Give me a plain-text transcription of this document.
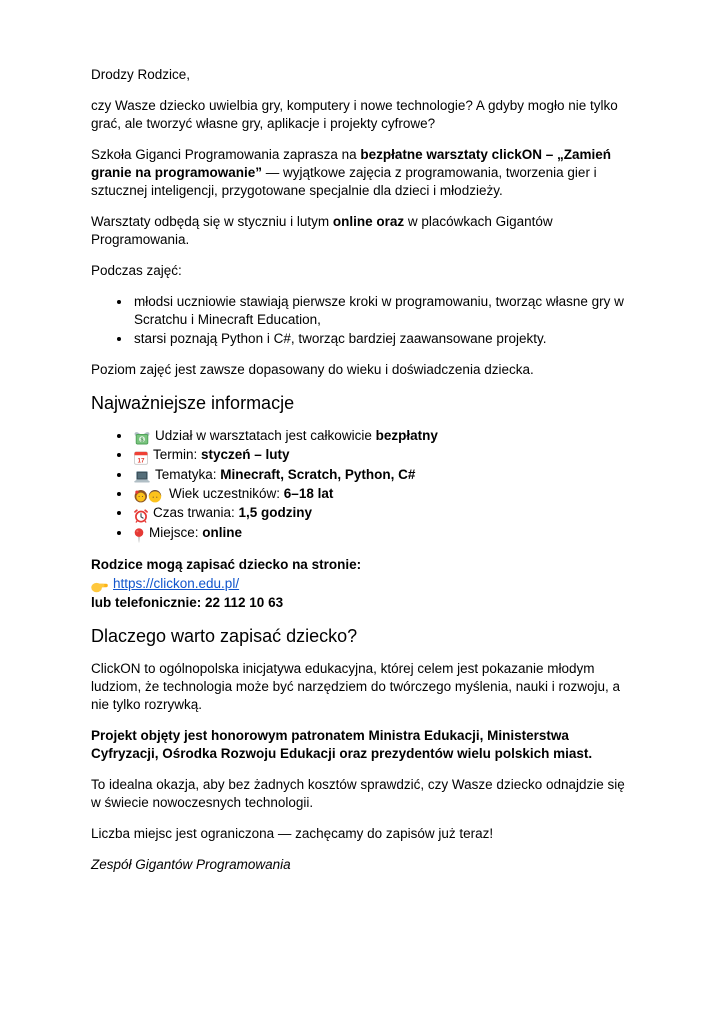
Drodzy Rodzice,

czy Wasze dziecko uwielbia gry, komputery i nowe technologie? A gdyby mogło nie tylko grać, ale tworzyć własne gry, aplikacje i projekty cyfrowe?

Szkoła Giganci Programowania zaprasza na bezpłatne warsztaty clickON – „Zamień granie na programowanie” — wyjątkowe zajęcia z programowania, tworzenia gier i sztucznej inteligencji, przygotowane specjalnie dla dzieci i młodzieży.

Warsztaty odbędą się w styczniu i lutym online oraz w placówkach Gigantów Programowania.

Podczas zajęć:

• młodsi uczniowie stawiają pierwsze kroki w programowaniu, tworząc własne gry w Scratchu i Minecraft Education,
• starsi poznają Python i C#, tworząc bardziej zaawansowane projekty.

Poziom zajęć jest zawsze dopasowany do wieku i doświadczenia dziecka.

Najważniejsze informacje
• $ Udział w warsztatach jest całkowicie bezpłatny
• 17 Termin: styczeń – luty
• Tematyka: Minecraft, Scratch, Python, C#
• Wiek uczestników: 6–18 lat
• Czas trwania: 1,5 godziny
• Miejsce: online

Rodzice mogą zapisać dziecko na stronie:

https://clickon.edu.pl/

lub telefonicznie: 22 112 10 63

Dlaczego warto zapisać dziecko?

ClickON to ogólnopolska inicjatywa edukacyjna, której celem jest pokazanie młodym ludziom, że technologia może być narzędziem do twórczego myślenia, nauki i rozwoju, a nie tylko rozrywką.

Projekt objęty jest honorowym patronatem Ministra Edukacji, Ministerstwa Cyfryzacji, Ośrodka Rozwoju Edukacji oraz prezydentów wielu polskich miast.

To idealna okazja, aby bez żadnych kosztów sprawdzić, czy Wasze dziecko odnajdzie się w świecie nowoczesnych technologii.

Liczba miejsc jest ograniczona — zachęcamy do zapisów już teraz!

Zespół Gigantów Programowania
